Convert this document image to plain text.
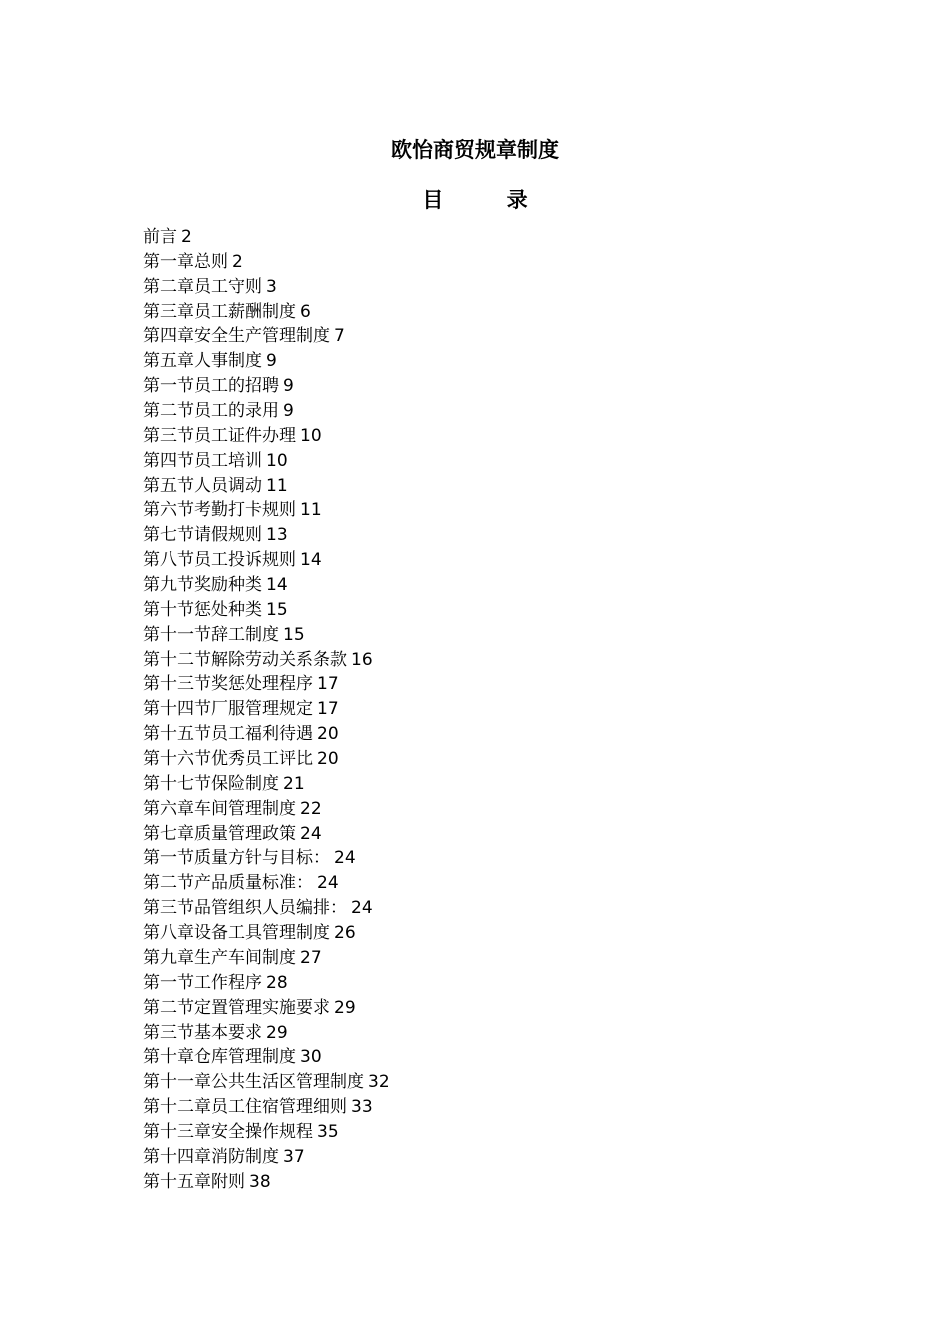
欧怡商贸规章制度
目 录
前言 2
第一章总则 2
第二章员工守则 3
第三章员工薪酬制度 6
第四章安全生产管理制度 7
第五章人事制度 9
第一节员工的招聘 9
第二节员工的录用 9
第三节员工证件办理 10
第四节员工培训 10
第五节人员调动 11
第六节考勤打卡规则 11
第七节请假规则 13
第八节员工投诉规则 14
第九节奖励种类 14
第十节惩处种类 15
第十一节辞工制度 15
第十二节解除劳动关系条款 16
第十三节奖惩处理程序 17
第十四节厂服管理规定 17
第十五节员工福利待遇 20
第十六节优秀员工评比 20
第十七节保险制度 21
第六章车间管理制度 22
第七章质量管理政策 24
第一节质量方针与目标： 24
第二节产品质量标准： 24
第三节品管组织人员编排： 24
第八章设备工具管理制度 26
第九章生产车间制度 27
第一节工作程序 28
第二节定置管理实施要求 29
第三节基本要求 29
第十章仓库管理制度 30
第十一章公共生活区管理制度 32
第十二章员工住宿管理细则 33
第十三章安全操作规程 35
第十四章消防制度 37
第十五章附则 38
